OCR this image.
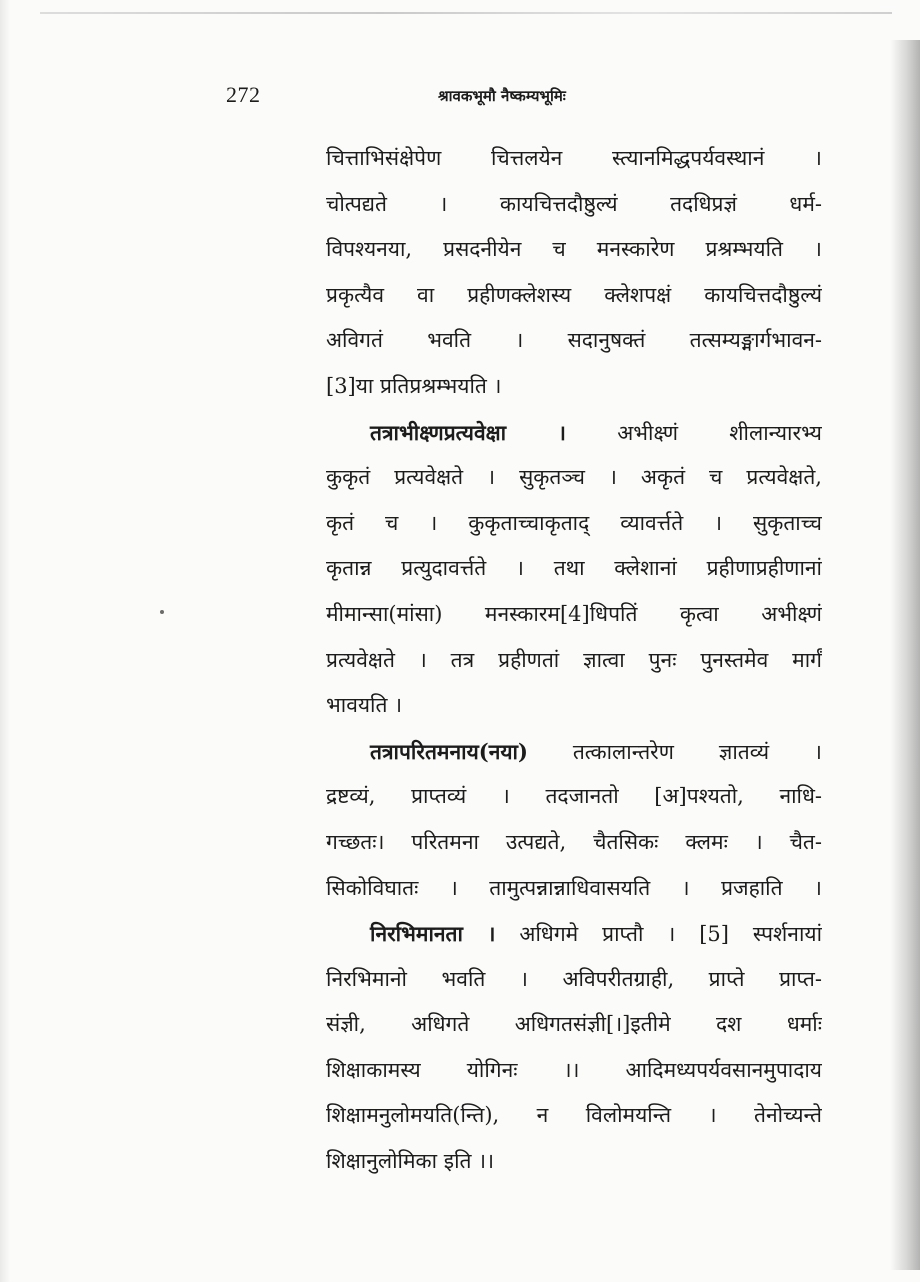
272	श्रावकभूमौ नैष्कम्यभूमिः
चित्ताभिसंक्षेपेण चित्तलयेन स्त्यानमिद्धपर्यवस्थानं ।
चोत्पद्यते । कायचित्तदौष्ठुल्यं तदधिप्रज्ञं धर्म-
विपश्यनया, प्रसदनीयेन च मनस्कारेण प्रश्रम्भयति ।
प्रकृत्यैव वा प्रहीणक्लेशस्य क्लेशपक्षं कायचित्तदौष्ठुल्यं
अविगतं भवति । सदानुषक्तं तत्सम्यङ्मार्गभावन-
[3]या प्रतिप्रश्रम्भयति ।
तत्राभीक्ष्णप्रत्यवेक्षा । अभीक्ष्णं शीलान्यारभ्य
कुकृतं प्रत्यवेक्षते । सुकृतञ्च । अकृतं च प्रत्यवेक्षते,
कृतं च । कुकृताच्चाकृताद् व्यावर्त्तते । सुकृताच्च
कृतान्न प्रत्युदावर्त्तते । तथा क्लेशानां प्रहीणाप्रहीणानां
मीमान्सा(मांसा) मनस्कारम[4]धिपतिं कृत्वा अभीक्ष्णं
प्रत्यवेक्षते । तत्र प्रहीणतां ज्ञात्वा पुनः पुनस्तमेव मार्गं
भावयति ।
तत्रापरितमनाय(नया) तत्कालान्तरेण ज्ञातव्यं ।
द्रष्टव्यं, प्राप्तव्यं । तदजानतो [अ]पश्यतो, नाधि-
गच्छतः। परितमना उत्पद्यते, चैतसिकः क्लमः । चैत-
सिकोविघातः । तामुत्पन्नान्नाधिवासयति । प्रजहाति ।
निरभिमानता । अधिगमे प्राप्तौ । [5] स्पर्शनायां
निरभिमानो भवति । अविपरीतग्राही, प्राप्ते प्राप्त-
संज्ञी, अधिगते अधिगतसंज्ञी[।]इतीमे दश धर्माः
शिक्षाकामस्य योगिनः ।। आदिमध्यपर्यवसानमुपादाय
शिक्षामनुलोमयति(न्ति), न विलोमयन्ति । तेनोच्यन्ते
शिक्षानुलोमिका इति ।।
